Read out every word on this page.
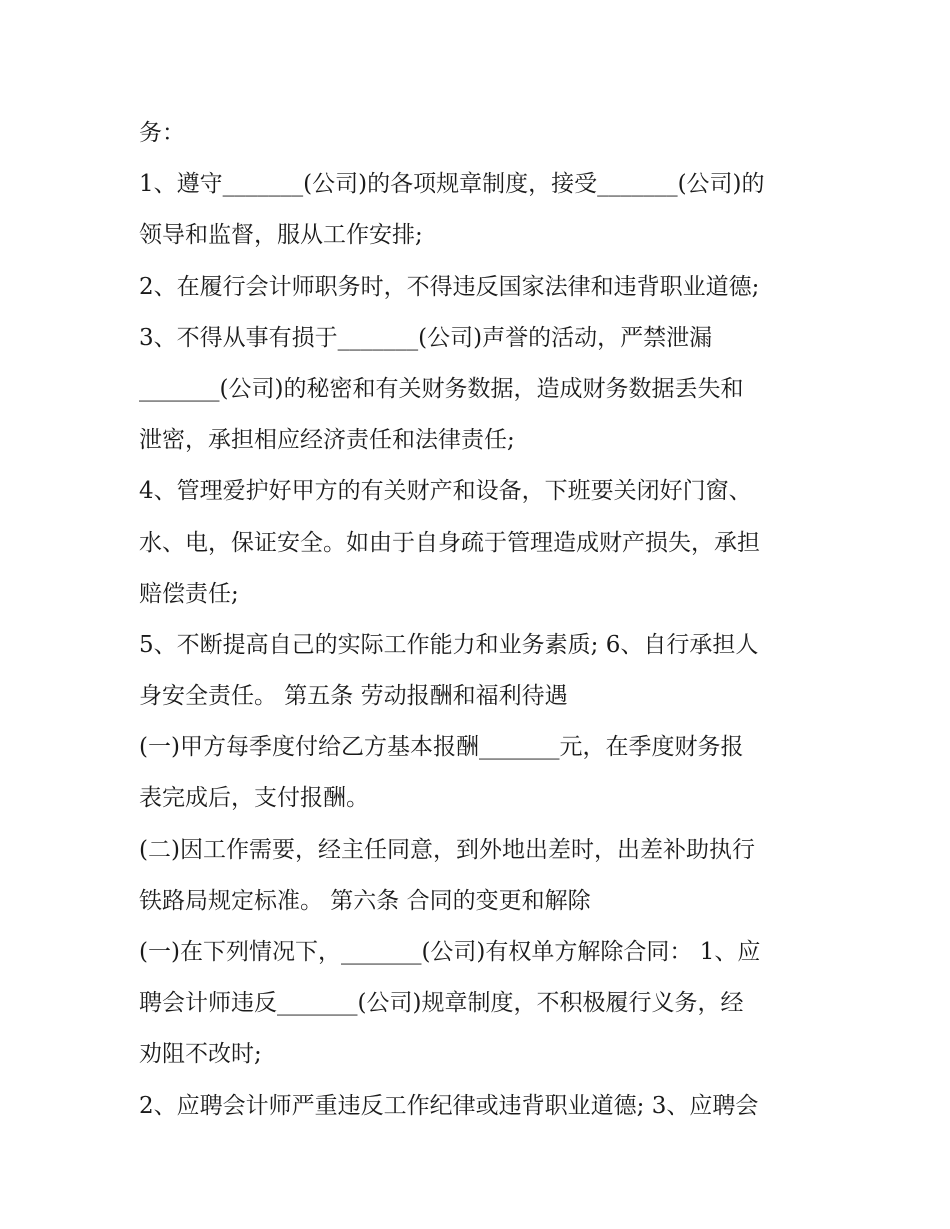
务：
1、遵守_______(公司)的各项规章制度，接受_______(公司)的
领导和监督，服从工作安排;
2、在履行会计师职务时，不得违反国家法律和违背职业道德;
3、不得从事有损于_______(公司)声誉的活动，严禁泄漏
_______(公司)的秘密和有关财务数据，造成财务数据丢失和
泄密，承担相应经济责任和法律责任;
4、管理爱护好甲方的有关财产和设备，下班要关闭好门窗、
水、电，保证安全。如由于自身疏于管理造成财产损失，承担
赔偿责任;
5、不断提高自己的实际工作能力和业务素质; 6、自行承担人
身安全责任。 第五条 劳动报酬和福利待遇
(一)甲方每季度付给乙方基本报酬_______元，在季度财务报
表完成后，支付报酬。
(二)因工作需要，经主任同意，到外地出差时，出差补助执行
铁路局规定标准。 第六条 合同的变更和解除
(一)在下列情况下，_______(公司)有权单方解除合同： 1、应
聘会计师违反_______(公司)规章制度，不积极履行义务，经
劝阻不改时;
2、应聘会计师严重违反工作纪律或违背职业道德; 3、应聘会
